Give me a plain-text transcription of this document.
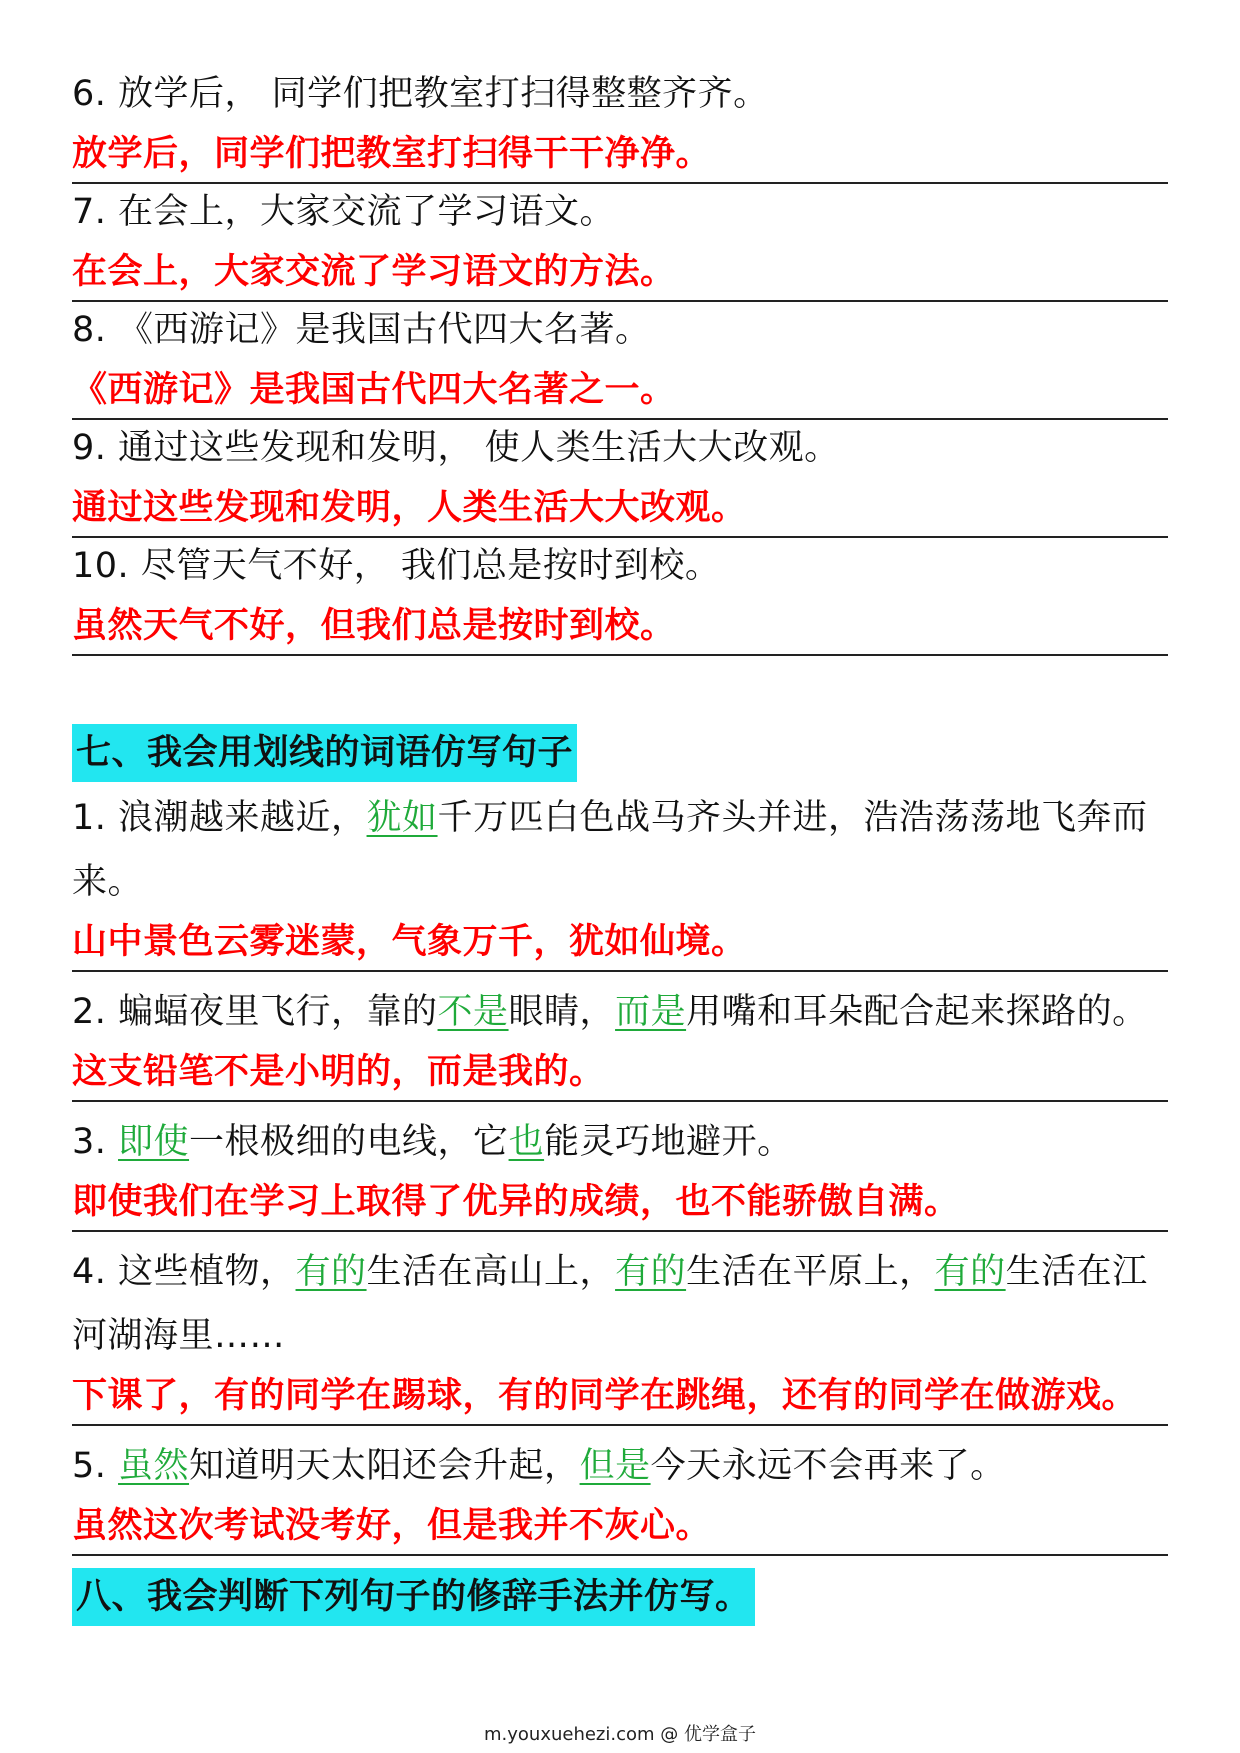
6. 放学后， 同学们把教室打扫得整整齐齐。
放学后，同学们把教室打扫得干干净净。
7. 在会上，大家交流了学习语文。
在会上，大家交流了学习语文的方法。
8. 《西游记》是我国古代四大名著。
《西游记》是我国古代四大名著之一。
9. 通过这些发现和发明， 使人类生活大大改观。
通过这些发现和发明，人类生活大大改观。
10. 尽管天气不好， 我们总是按时到校。
虽然天气不好，但我们总是按时到校。
七、我会用划线的词语仿写句子
1. 浪潮越来越近，犹如千万匹白色战马齐头并进，浩浩荡荡地飞奔而来。
山中景色云雾迷蒙，气象万千，犹如仙境。
2. 蝙蝠夜里飞行，靠的不是眼睛，而是用嘴和耳朵配合起来探路的。
这支铅笔不是小明的，而是我的。
3. 即使一根极细的电线，它也能灵巧地避开。
即使我们在学习上取得了优异的成绩，也不能骄傲自满。
4. 这些植物，有的生活在高山上，有的生活在平原上，有的生活在江河湖海里……
下课了，有的同学在踢球，有的同学在跳绳，还有的同学在做游戏。
5. 虽然知道明天太阳还会升起，但是今天永远不会再来了。
虽然这次考试没考好，但是我并不灰心。
八、我会判断下列句子的修辞手法并仿写。
m.youxuehezi.com @ 优学盒子
